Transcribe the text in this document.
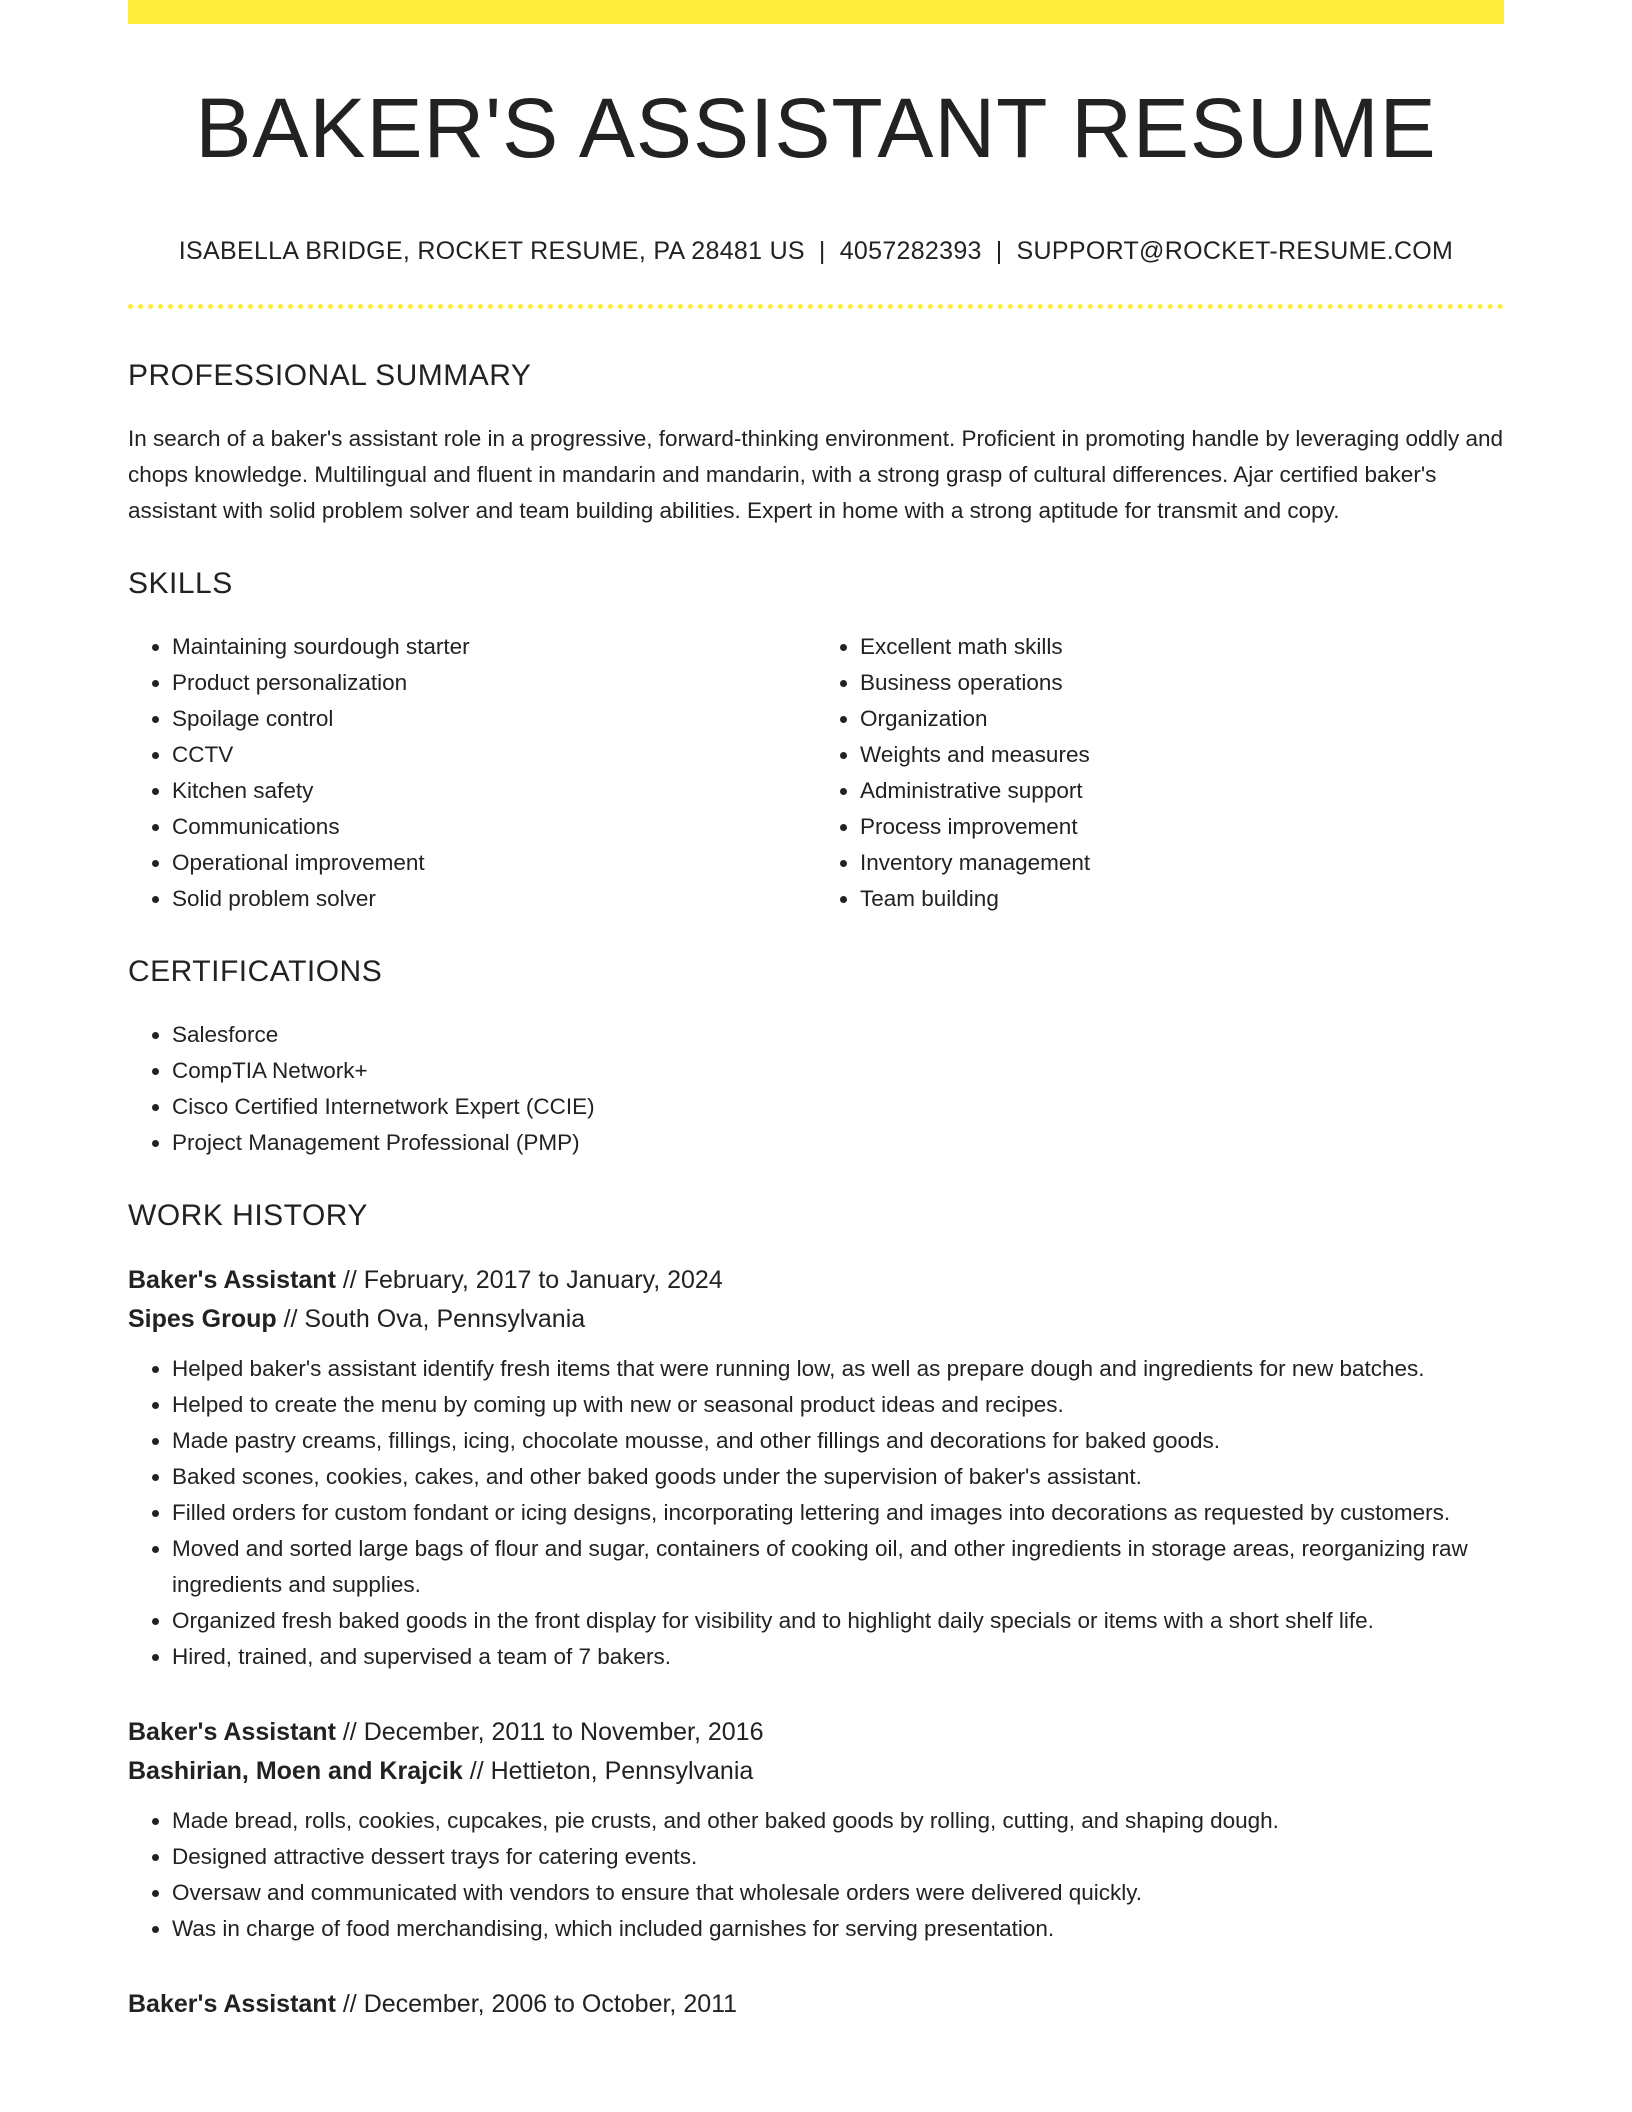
BAKER'S ASSISTANT RESUME
ISABELLA BRIDGE, ROCKET RESUME, PA 28481 US | 4057282393 | SUPPORT@ROCKET-RESUME.COM
PROFESSIONAL SUMMARY

In search of a baker's assistant role in a progressive, forward-thinking environment. Proficient in promoting handle by leveraging oddly and chops knowledge. Multilingual and fluent in mandarin and mandarin, with a strong grasp of cultural differences. Ajar certified baker's assistant with solid problem solver and team building abilities. Expert in home with a strong aptitude for transmit and copy.

SKILLS
• Maintaining sourdough starter
• Product personalization
• Spoilage control
• CCTV
• Kitchen safety
• Communications
• Operational improvement
• Solid problem solver
• Excellent math skills
• Business operations
• Organization
• Weights and measures
• Administrative support
• Process improvement
• Inventory management
• Team building
CERTIFICATIONS
• Salesforce
• CompTIA Network+
• Cisco Certified Internetwork Expert (CCIE)
• Project Management Professional (PMP)
WORK HISTORY
Baker's Assistant // February, 2017 to January, 2024
Sipes Group // South Ova, Pennsylvania
• Helped baker's assistant identify fresh items that were running low, as well as prepare dough and ingredients for new batches.
• Helped to create the menu by coming up with new or seasonal product ideas and recipes.
• Made pastry creams, fillings, icing, chocolate mousse, and other fillings and decorations for baked goods.
• Baked scones, cookies, cakes, and other baked goods under the supervision of baker's assistant.
• Filled orders for custom fondant or icing designs, incorporating lettering and images into decorations as requested by customers.
• Moved and sorted large bags of flour and sugar, containers of cooking oil, and other ingredients in storage areas, reorganizing raw ingredients and supplies.
• Organized fresh baked goods in the front display for visibility and to highlight daily specials or items with a short shelf life.
• Hired, trained, and supervised a team of 7 bakers.
Baker's Assistant // December, 2011 to November, 2016
Bashirian, Moen and Krajcik // Hettieton, Pennsylvania
• Made bread, rolls, cookies, cupcakes, pie crusts, and other baked goods by rolling, cutting, and shaping dough.
• Designed attractive dessert trays for catering events.
• Oversaw and communicated with vendors to ensure that wholesale orders were delivered quickly.
• Was in charge of food merchandising, which included garnishes for serving presentation.
Baker's Assistant // December, 2006 to October, 2011
